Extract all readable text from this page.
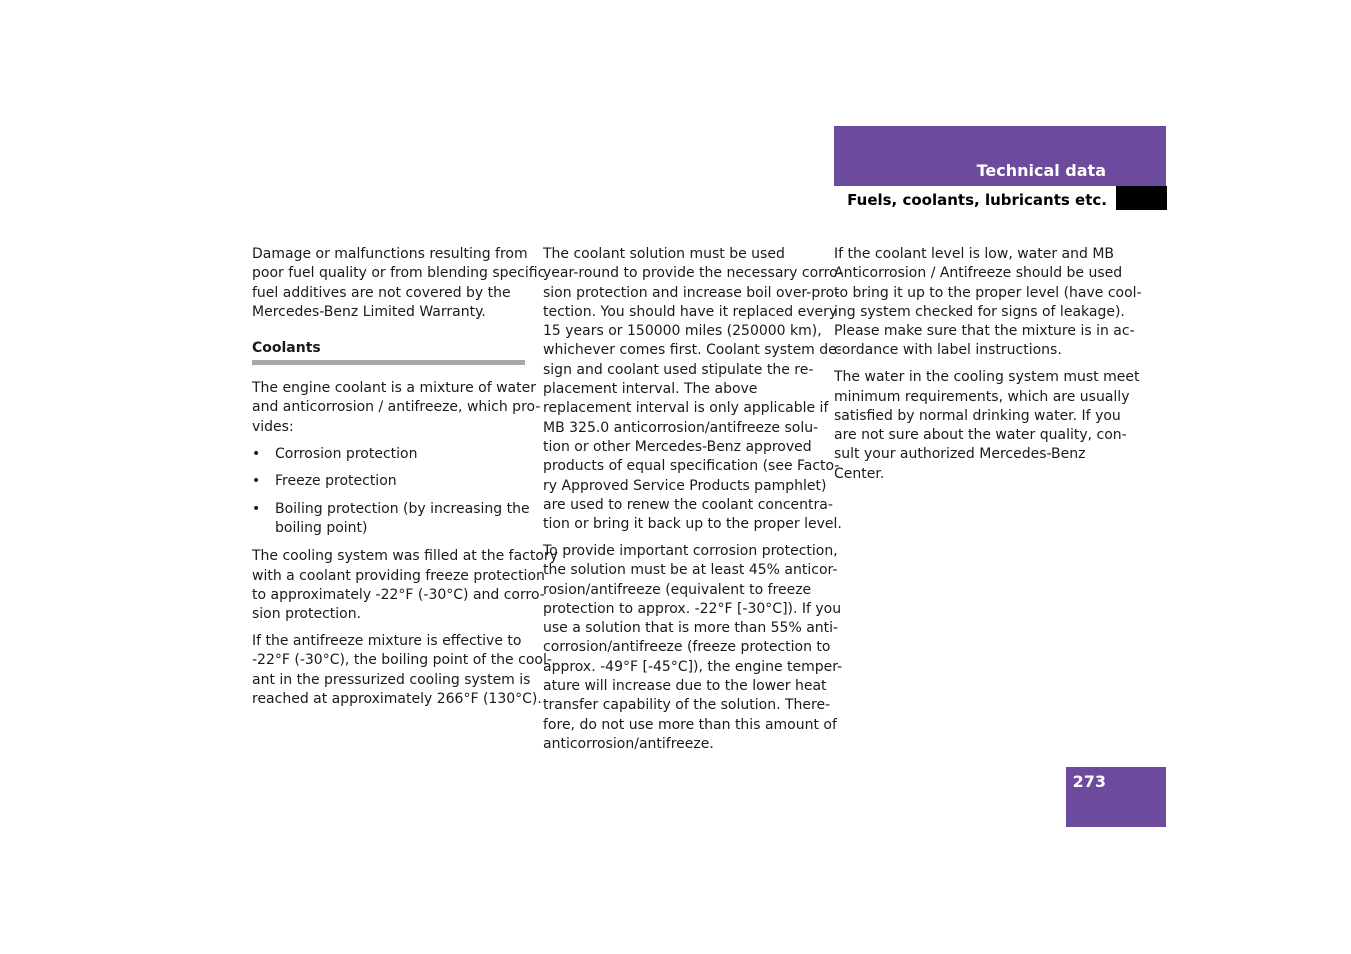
Technical data
Fuels, coolants, lubricants etc.

Damage or malfunctions resulting from
poor fuel quality or from blending specific
fuel additives are not covered by the
Mercedes-Benz Limited Warranty.

Coolants

The engine coolant is a mixture of water
and anticorrosion / antifreeze, which pro-
vides:

• Corrosion protection
• Freeze protection
• Boiling protection (by increasing the
boiling point)

The cooling system was filled at the factory
with a coolant providing freeze protection
to approximately -22°F (-30°C) and corro-
sion protection.

If the antifreeze mixture is effective to
-22°F (-30°C), the boiling point of the cool-
ant in the pressurized cooling system is
reached at approximately 266°F (130°C).

The coolant solution must be used
year-round to provide the necessary corro-
sion protection and increase boil over-pro-
tection. You should have it replaced every
15 years or 150000 miles (250000 km),
whichever comes first. Coolant system de-
sign and coolant used stipulate the re-
placement interval. The above
replacement interval is only applicable if
MB 325.0 anticorrosion/antifreeze solu-
tion or other Mercedes-Benz approved
products of equal specification (see Facto-
ry Approved Service Products pamphlet)
are used to renew the coolant concentra-
tion or bring it back up to the proper level.

To provide important corrosion protection,
the solution must be at least 45% anticor-
rosion/antifreeze (equivalent to freeze
protection to approx. -22°F [-30°C]). If you
use a solution that is more than 55% anti-
corrosion/antifreeze (freeze protection to
approx. -49°F [-45°C]), the engine temper-
ature will increase due to the lower heat
transfer capability of the solution. There-
fore, do not use more than this amount of
anticorrosion/antifreeze.

If the coolant level is low, water and MB
Anticorrosion / Antifreeze should be used
to bring it up to the proper level (have cool-
ing system checked for signs of leakage).
Please make sure that the mixture is in ac-
cordance with label instructions.

The water in the cooling system must meet
minimum requirements, which are usually
satisfied by normal drinking water. If you
are not sure about the water quality, con-
sult your authorized Mercedes-Benz
Center.

273
